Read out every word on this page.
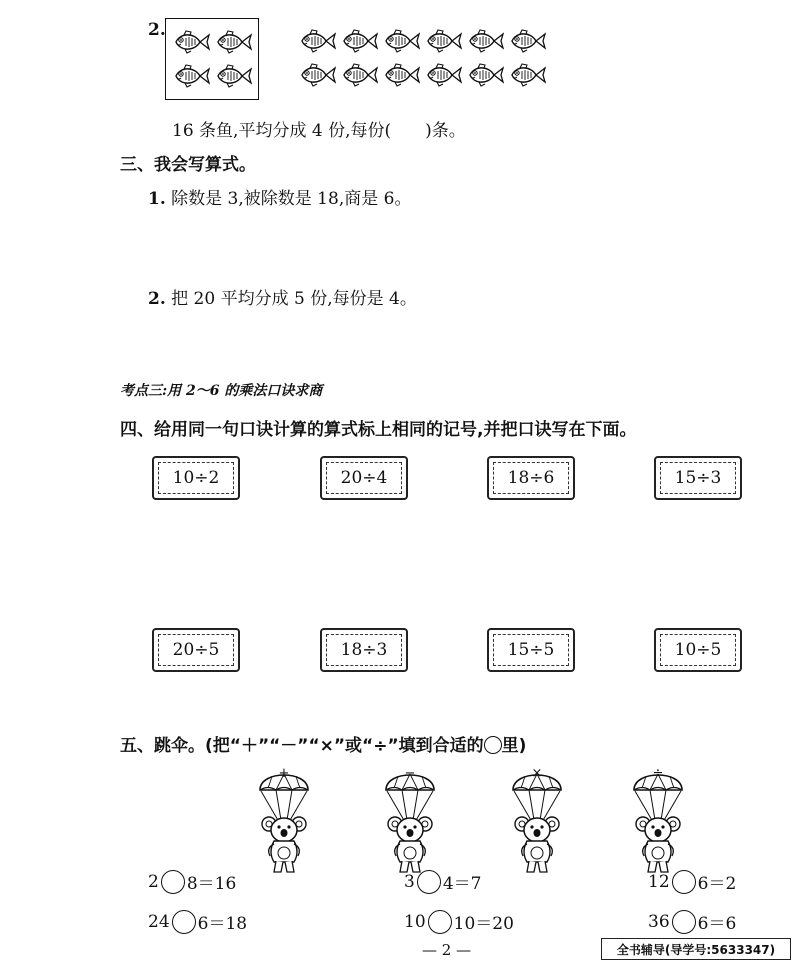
2.
16 条鱼,平均分成 4 份,每份( )条。
三、我会写算式。
1. 除数是 3,被除数是 18,商是 6。
2. 把 20 平均分成 5 份,每份是 4。
考点三:用 2～6 的乘法口诀求商
四、给用同一句口诀计算的算式标上相同的记号,并把口诀写在下面。
10÷2	20÷4	18÷6	15÷3
20÷5	18÷3	15÷5	10÷5
五、跳伞。(把“＋”“－”“×”或“÷”填到合适的 里)
+	−	×	÷
2 8＝16	3 4＝7	12 6＝2
24 6＝18	10 10＝20	36 6＝6
— 2 —	全书辅导(导学号:5633347)
